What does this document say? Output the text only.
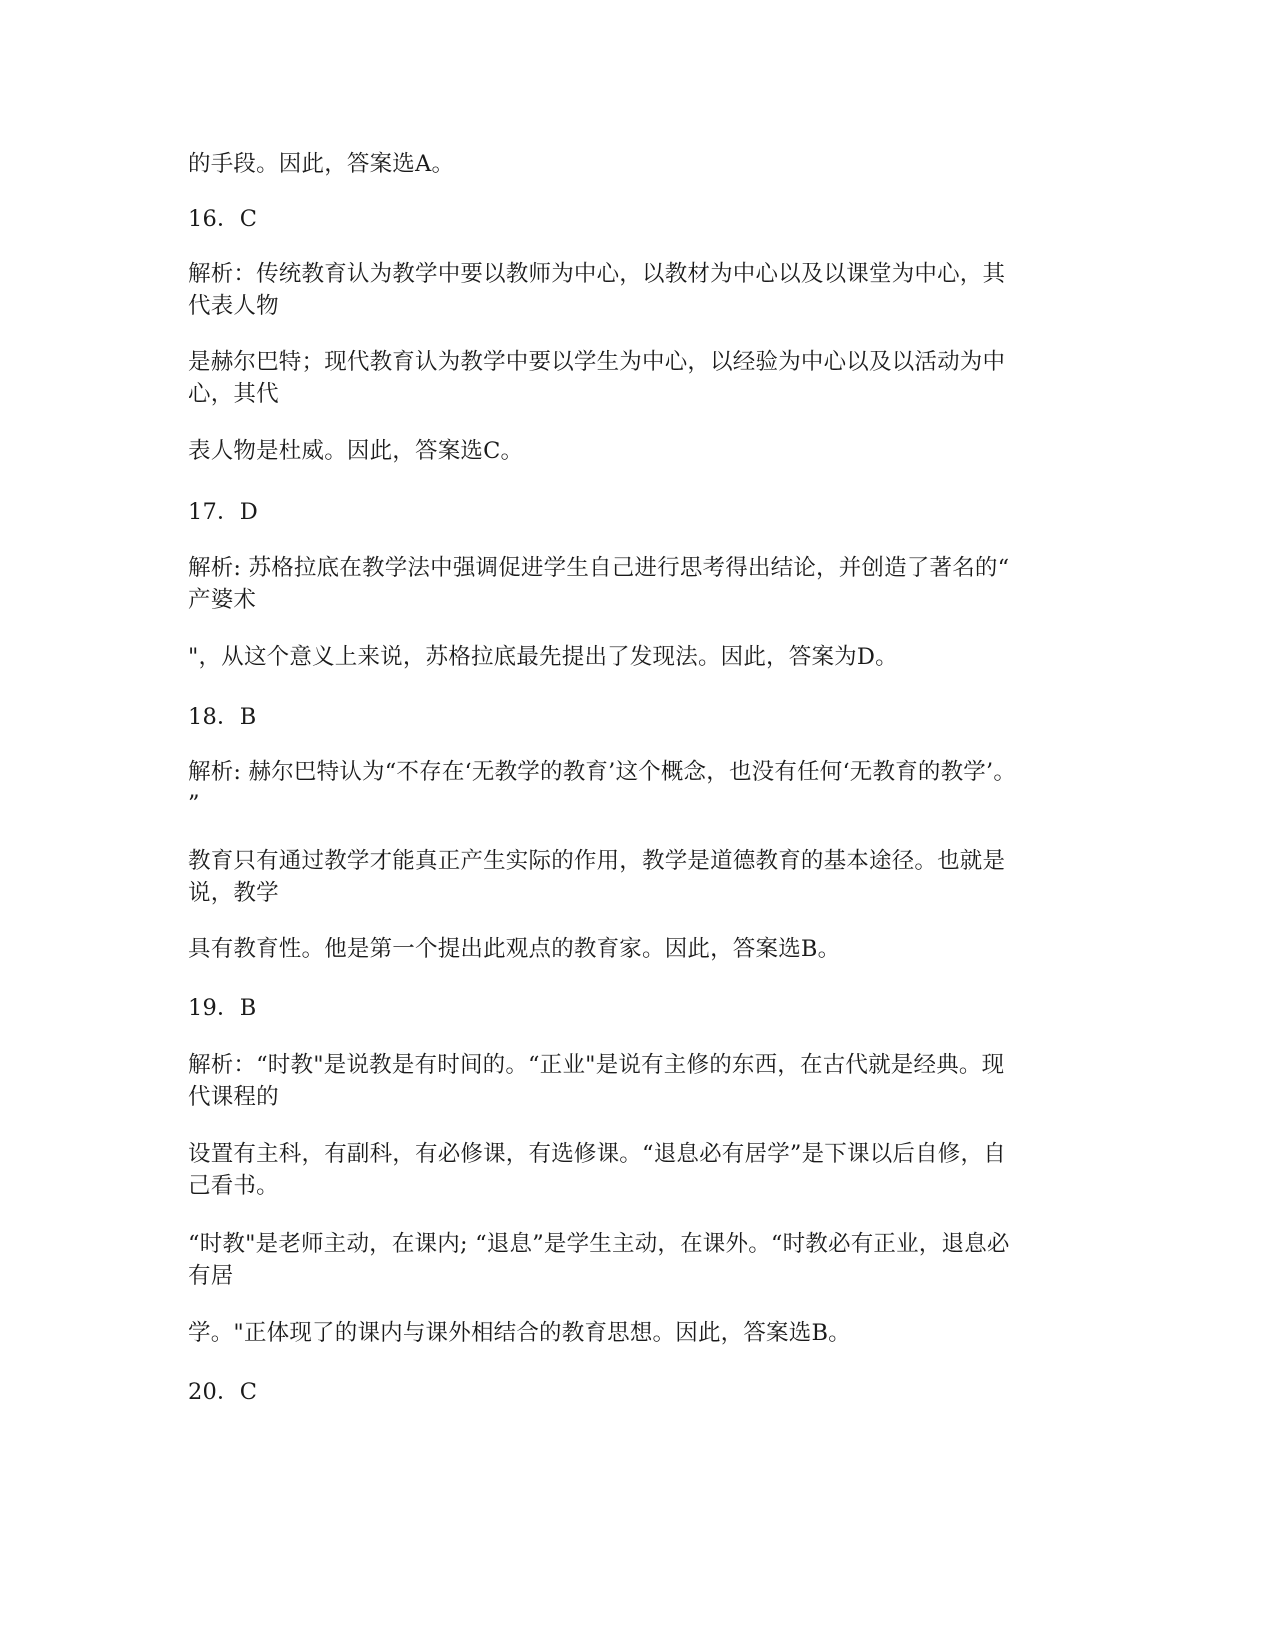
的手段。因此，答案选A。
16．C
解析：传统教育认为教学中要以教师为中心，以教材为中心以及以课堂为中心，其
代表人物
是赫尔巴特；现代教育认为教学中要以学生为中心，以经验为中心以及以活动为中
心，其代
表人物是杜威。因此，答案选C。
17．D
解析: 苏格拉底在教学法中强调促进学生自己进行思考得出结论，并创造了著名的“
产婆术
"，从这个意义上来说，苏格拉底最先提出了发现法。因此，答案为D。
18．B
解析: 赫尔巴特认为“不存在‘无教学的教育’这个概念，也没有任何‘无教育的教学’。
”
教育只有通过教学才能真正产生实际的作用，教学是道德教育的基本途径。也就是
说，教学
具有教育性。他是第一个提出此观点的教育家。因此，答案选B。
19．B
解析：“时教"是说教是有时间的。“正业"是说有主修的东西，在古代就是经典。现
代课程的
设置有主科，有副科，有必修课，有选修课。“退息必有居学”是下课以后自修，自
己看书。
“时教"是老师主动，在课内; “退息”是学生主动，在课外。“时教必有正业，退息必
有居
学。"正体现了的课内与课外相结合的教育思想。因此，答案选B。
20．C
